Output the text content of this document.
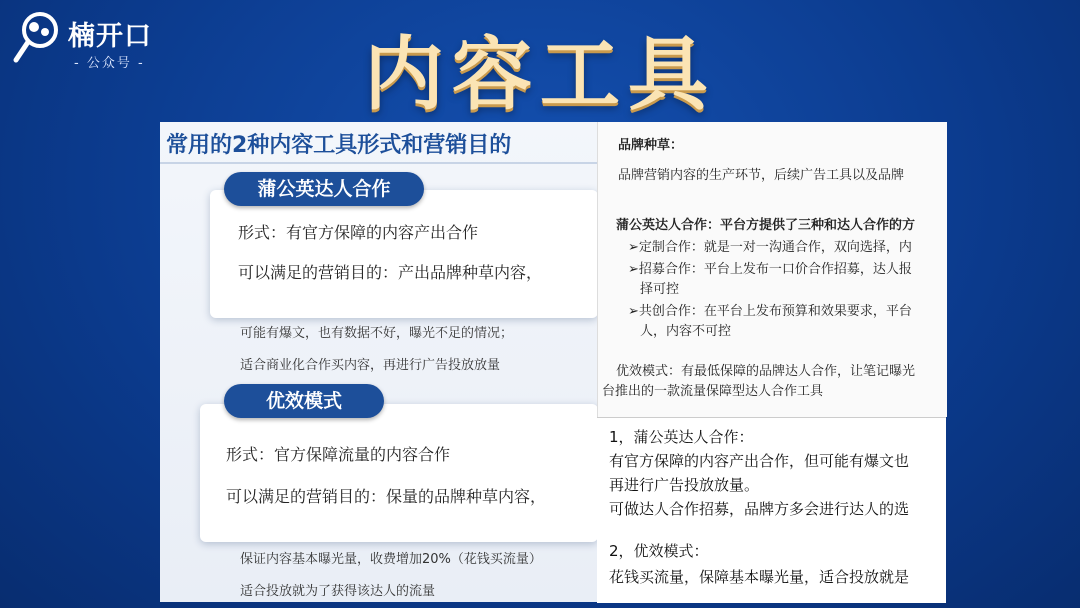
楠开口
- 公众号 -	内容工具
常用的2种内容工具形式和营销目的
蒲公英达人合作
形式：有官方保障的内容产出合作
可以满足的营销目的：产出品牌种草内容，
可能有爆文，也有数据不好，曝光不足的情况；
适合商业化合作买内容，再进行广告投放放量
优效模式
形式：官方保障流量的内容合作
可以满足的营销目的：保量的品牌种草内容，
保证内容基本曝光量，收费增加20%（花钱买流量）
适合投放就为了获得该达人的流量
品牌种草：
品牌营销内容的生产环节，后续广告工具以及品牌
蒲公英达人合作：平台方提供了三种和达人合作的方
➢定制合作：就是一对一沟通合作，双向选择，内
➢招募合作：平台上发布一口价合作招募，达人报
择可控
➢共创合作：在平台上发布预算和效果要求，平台
人，内容不可控
优效模式：有最低保障的品牌达人合作，让笔记曝光
台推出的一款流量保障型达人合作工具
1，蒲公英达人合作：
有官方保障的内容产出合作，但可能有爆文也
再进行广告投放放量。
可做达人合作招募，品牌方多会进行达人的选
2，优效模式：
花钱买流量，保障基本曝光量，适合投放就是
